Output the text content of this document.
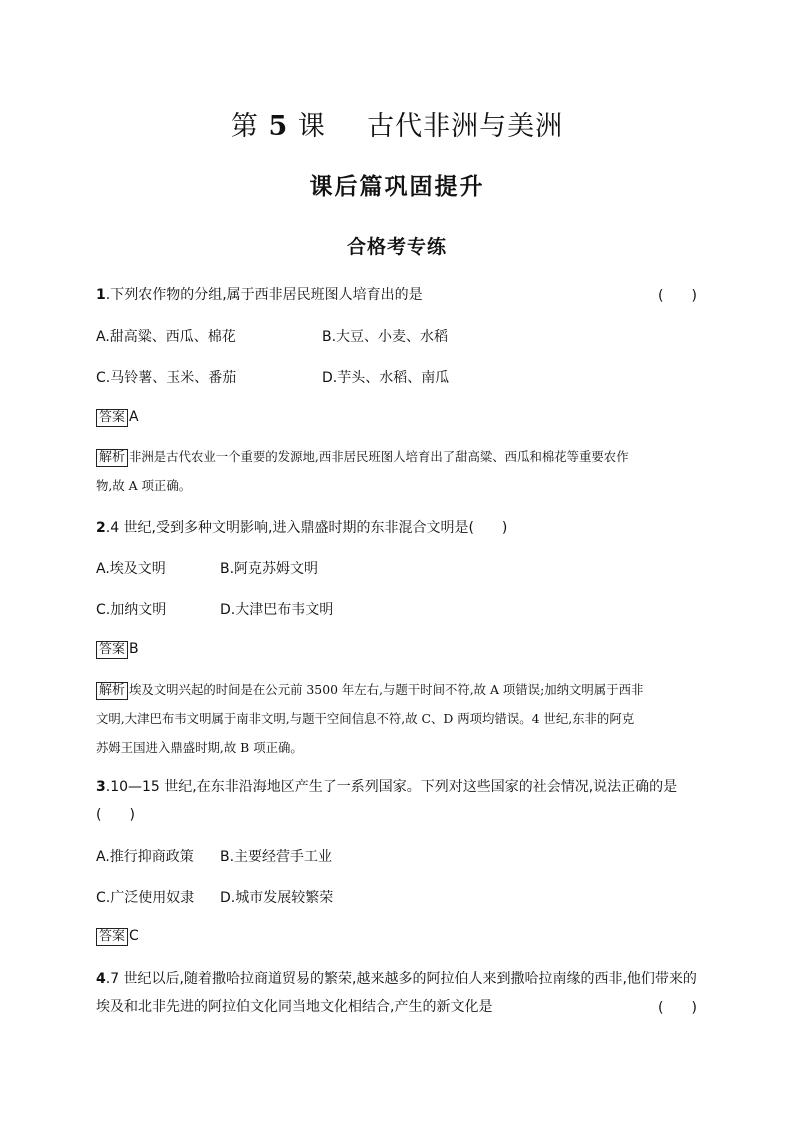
第 5 课 古代非洲与美洲
课后篇巩固提升
合格考专练
1.下列农作物的分组,属于西非居民班图人培育出的是	(　　)
A.甜高粱、西瓜、棉花	B.大豆、小麦、水稻
C.马铃薯、玉米、番茄	D.芋头、水稻、南瓜
答案 A
解析 非洲是古代农业一个重要的发源地,西非居民班图人培育出了甜高粱、西瓜和棉花等重要农作
物,故 A 项正确。
2.4 世纪,受到多种文明影响,进入鼎盛时期的东非混合文明是(　　)
A.埃及文明	B.阿克苏姆文明
C.加纳文明	D.大津巴布韦文明
答案 B
解析 埃及文明兴起的时间是在公元前 3500 年左右,与题干时间不符,故 A 项错误;加纳文明属于西非
文明,大津巴布韦文明属于南非文明,与题干空间信息不符,故 C、D 两项均错误。4 世纪,东非的阿克
苏姆王国进入鼎盛时期,故 B 项正确。
3.10—15 世纪,在东非沿海地区产生了一系列国家。下列对这些国家的社会情况,说法正确的是
(　　)
A.推行抑商政策 B.主要经营手工业
C.广泛使用奴隶 D.城市发展较繁荣
答案 C
4.7 世纪以后,随着撒哈拉商道贸易的繁荣,越来越多的阿拉伯人来到撒哈拉南缘的西非,他们带来的
埃及和北非先进的阿拉伯文化同当地文化相结合,产生的新文化是	(　　)
